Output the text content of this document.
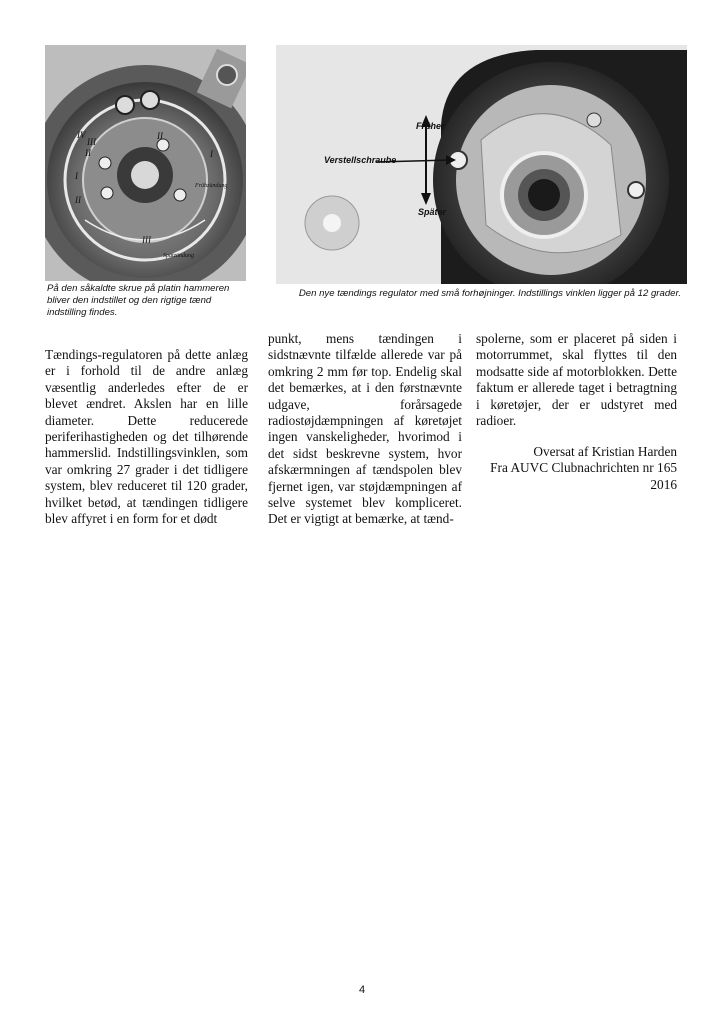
II
II
III
IV
I
I
II
III
Frühzündung
Spätzündung
Früher
Verstellschraube
Später
På den såkaldte skrue på platin hammeren bliver den indstillet og den rigtige tænd indstilling findes.
Den nye tændings regulator med små forhøjninger. Indstillings vinklen ligger på 12 grader.

Tændings-regulatoren på dette anlæg er i forhold til de andre anlæg væsentlig anderledes efter de er blevet ændret. Akslen har en lille diameter. Dette reducerede periferihastigheden og det tilhørende hammerslid. Indstillingsvinklen, som var omkring 27 grader i det tidligere system, blev reduceret til 120 grader, hvilket betød, at tændingen tidligere blev affyret i en form for et dødt

punkt, mens tændingen i sidstnævnte tilfælde allerede var på omkring 2 mm før top. Endelig skal det bemærkes, at i den førstnævnte udgave, forårsagede radiostøjdæmpningen af køretøjet ingen vanskeligheder, hvorimod i det sidst beskrevne system, hvor afskærmningen af tændspolen blev fjernet igen, var støjdæmpningen af selve systemet blev kompliceret. Det er vigtigt at bemærke, at tænd-

spolerne, som er placeret på siden i motorrummet, skal flyttes til den modsatte side af motorblokken. Dette faktum er allerede taget i betragtning i køretøjer, der er udstyret med radioer.

Oversat af Kristian Harden
Fra AUVC Clubnachrichten nr 165
2016
4
